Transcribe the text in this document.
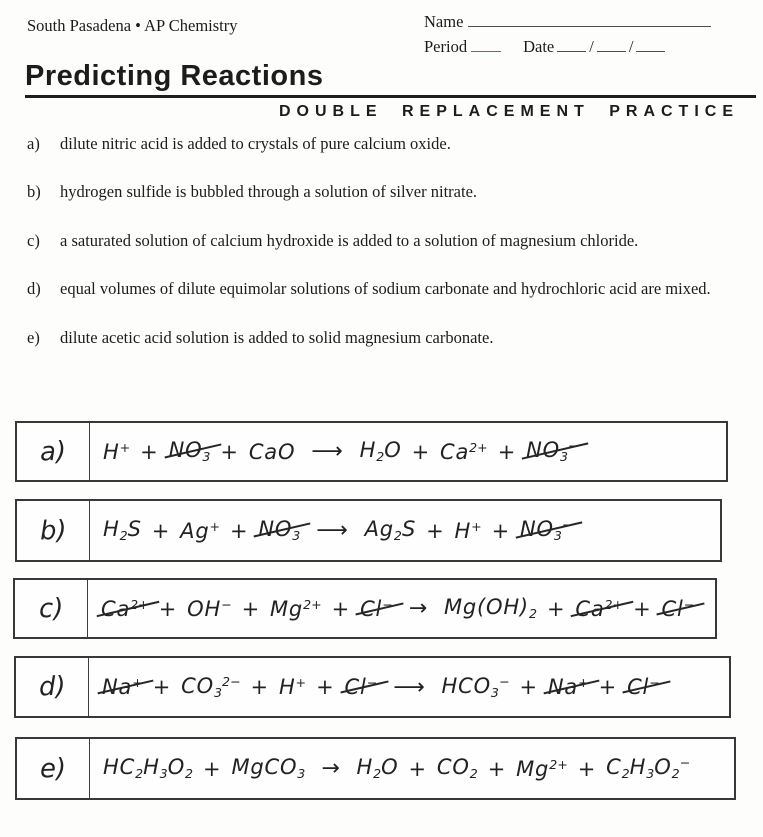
South Pasadena • AP Chemistry	Name
Period	Date / /
Predicting Reactions
DOUBLE REPLACEMENT PRACTICE
a)	dilute nitric acid is added to crystals of pure calcium oxide.
b)	hydrogen sulfide is bubbled through a solution of silver nitrate.
c)	a saturated solution of calcium hydroxide is added to a solution of magnesium chloride.
d)	equal volumes of dilute equimolar solutions of sodium carbonate and hydrochloric acid are mixed.
e)	dilute acetic acid solution is added to solid magnesium carbonate.
a) $H^+ + NO_3$ + CaO ⟶ $H_2O + Ca^{2+} + NO_3^-$
b) $H_2S + Ag^+ + NO_3$ ⟶ $Ag_2S + H^+ + NO_3^-$
c) $Ca^{2+} + OH^- + Mg^{2+} + Cl^- \to Mg(OH)_2 + Ca^{2+} + Cl^-$
d) $Na^+ + CO_3^{2-} + H^+ + Cl^-$ ⟶ $HCO_3^- + Na^+ + Cl^-$
e) $HC_2H_3O_2$ + MgCO$_3$ → $H_2O + CO_2 + Mg^{2+} + C_2H_3O_2^-$
